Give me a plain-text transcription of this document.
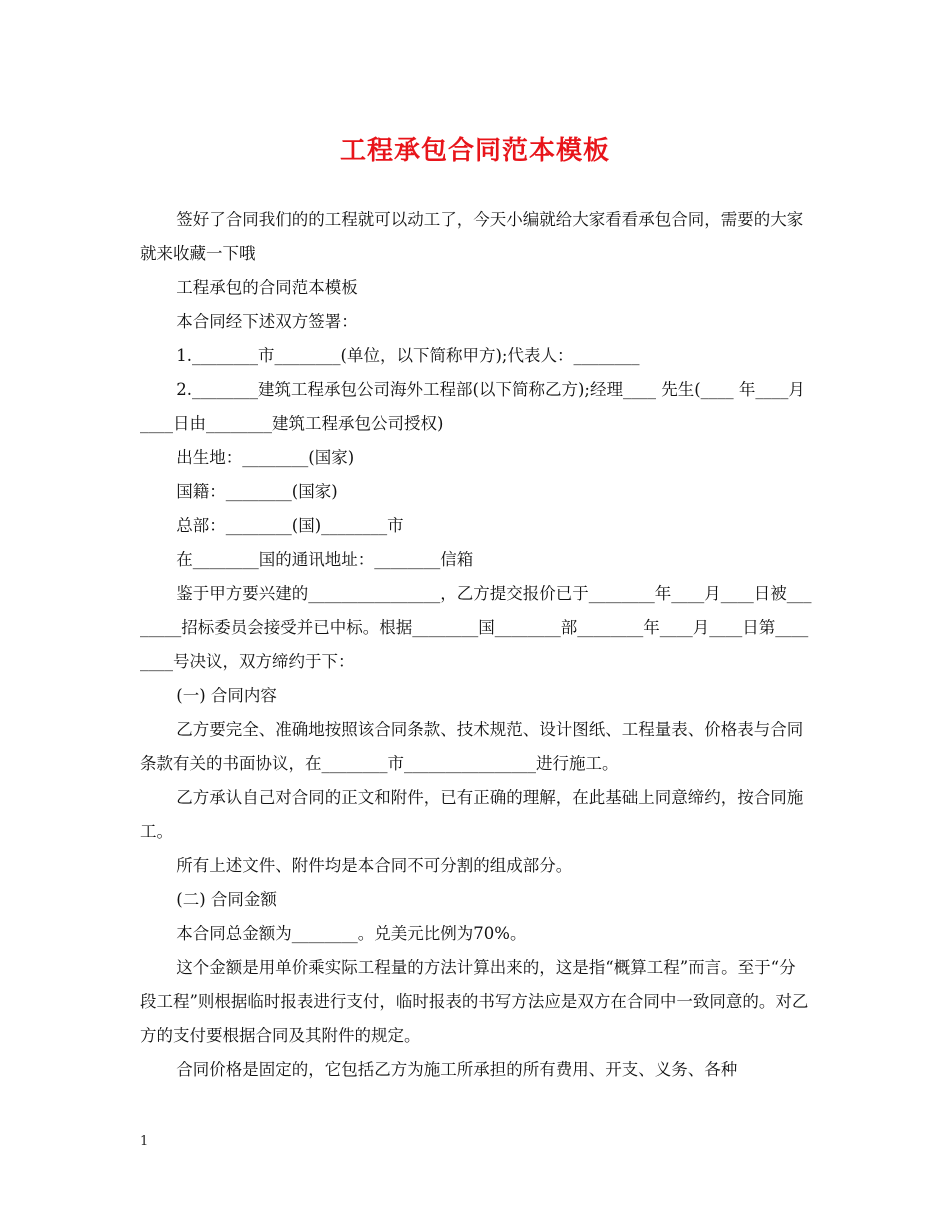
工程承包合同范本模板

签好了合同我们的的工程就可以动工了，今天小编就给大家看看承包合同，需要的大家就来收藏一下哦

工程承包的合同范本模板

本合同经下述双方签署：

1.________市________(单位，以下简称甲方);代表人：________

2.________建筑工程承包公司海外工程部(以下简称乙方);经理____ 先生(____ 年____月____日由________建筑工程承包公司授权)

出生地：________(国家)

国籍：________(国家)

总部：________(国)________市

在________国的通讯地址：________信箱

鉴于甲方要兴建的________________，乙方提交报价已于________年____月____日被________招标委员会接受并已中标。根据________国________部________年____月____日第________号决议，双方缔约于下：

(一) 合同内容

乙方要完全、准确地按照该合同条款、技术规范、设计图纸、工程量表、价格表与合同条款有关的书面协议，在________市________________进行施工。

乙方承认自己对合同的正文和附件，已有正确的理解，在此基础上同意缔约，按合同施工。

所有上述文件、附件均是本合同不可分割的组成部分。

(二) 合同金额

本合同总金额为________。兑美元比例为70%。

这个金额是用单价乘实际工程量的方法计算出来的，这是指“概算工程”而言。至于“分段工程”则根据临时报表进行支付，临时报表的书写方法应是双方在合同中一致同意的。对乙方的支付要根据合同及其附件的规定。

合同价格是固定的，它包括乙方为施工所承担的所有费用、开支、义务、各种

1
